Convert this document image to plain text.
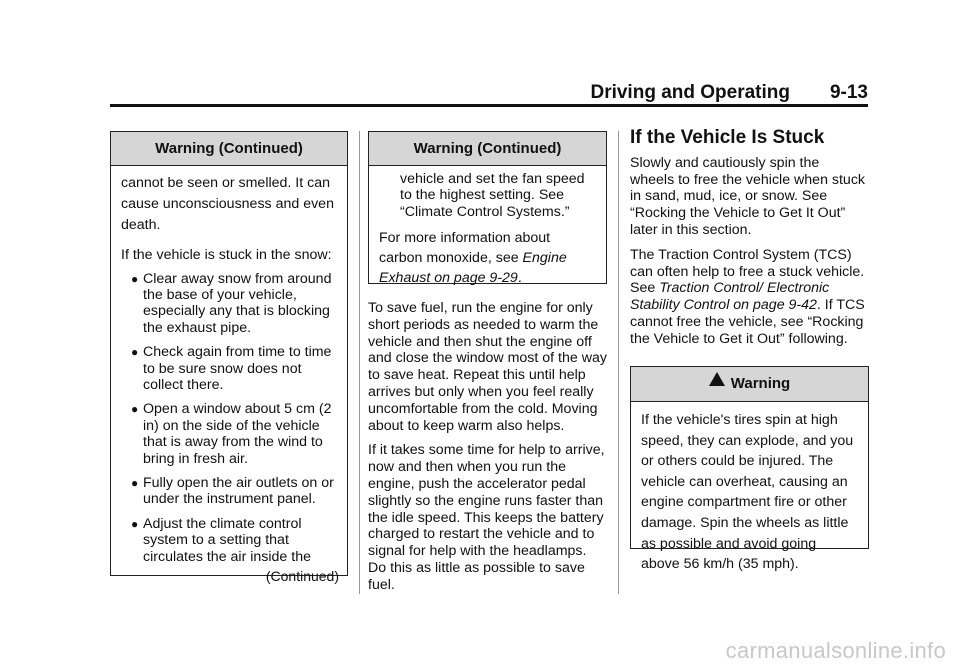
Driving and Operating 9-13
Warning (Continued)

cannot be seen or smelled. It can cause unconsciousness and even death.

If the vehicle is stuck in the snow:

● Clear away snow from around the base of your vehicle, especially any that is blocking the exhaust pipe.
● Check again from time to time to be sure snow does not collect there.
● Open a window about 5 cm (2 in) on the side of the vehicle that is away from the wind to bring in fresh air.
● Fully open the air outlets on or under the instrument panel.
● Adjust the climate control system to a setting that circulates the air inside the
(Continued)
Warning (Continued)

vehicle and set the fan speed to the highest setting. See “Climate Control Systems.”

For more information about carbon monoxide, see Engine Exhaust on page 9-29.

To save fuel, run the engine for only short periods as needed to warm the vehicle and then shut the engine off and close the window most of the way to save heat. Repeat this until help arrives but only when you feel really uncomfortable from the cold. Moving about to keep warm also helps.

If it takes some time for help to arrive, now and then when you run the engine, push the accelerator pedal slightly so the engine runs faster than the idle speed. This keeps the battery charged to restart the vehicle and to signal for help with the headlamps. Do this as little as possible to save fuel.

If the Vehicle Is Stuck

Slowly and cautiously spin the wheels to free the vehicle when stuck in sand, mud, ice, or snow. See “Rocking the Vehicle to Get It Out” later in this section.

The Traction Control System (TCS) can often help to free a stuck vehicle. See Traction Control/ Electronic Stability Control on page 9-42. If TCS cannot free the vehicle, see “Rocking the Vehicle to Get it Out” following.

Warning

If the vehicle's tires spin at high speed, they can explode, and you or others could be injured. The vehicle can overheat, causing an engine compartment fire or other damage. Spin the wheels as little as possible and avoid going above 56 km/h (35 mph).

carmanualsonline.info
